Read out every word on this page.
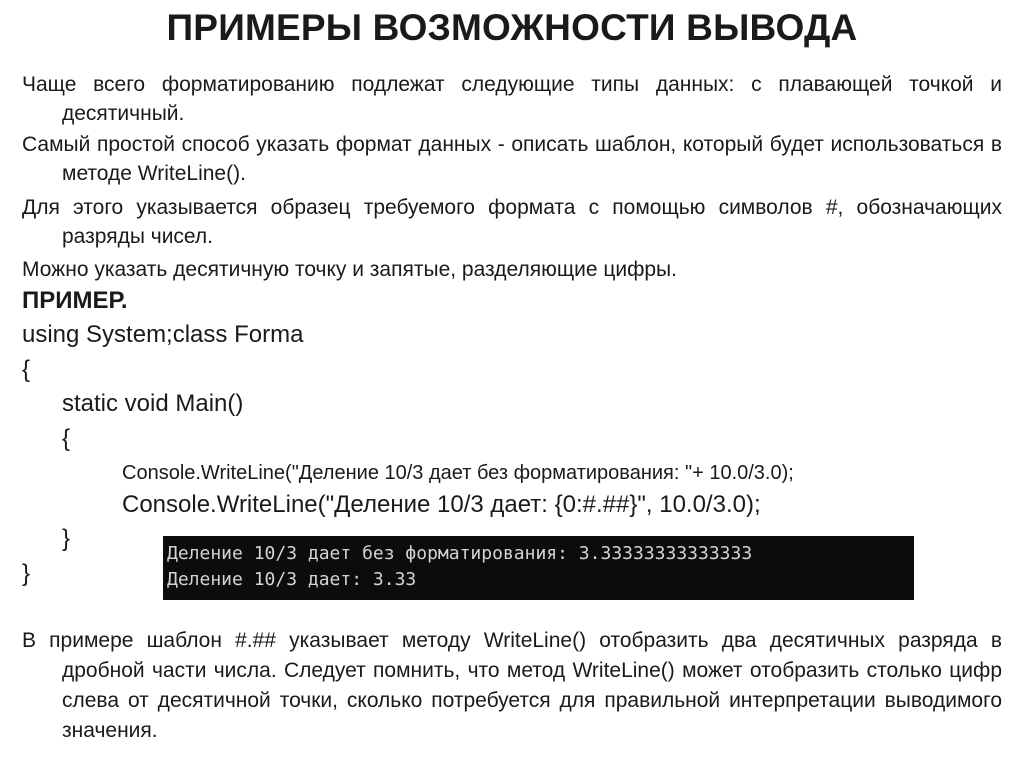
ПРИМЕРЫ ВОЗМОЖНОСТИ ВЫВОДА
Чаще всего форматированию подлежат следующие типы данных: с плавающей точкой и десятичный.
Самый простой способ указать формат данных - описать шаблон, который будет использоваться в методе WriteLine().
Для этого указывается образец требуемого формата с помощью символов #, обозначающих разряды чисел.
Можно указать десятичную точку и запятые, разделяющие цифры.
ПРИМЕР.
using System;class Forma
{
static void Main()
{
Console.WriteLine("Деление 10/3 дает без форматирования: "+ 10.0/3.0);
Console.WriteLine("Деление 10/3 дает: {0:#.##}", 10.0/3.0);
}
}
Деление 10/3 дает без форматирования: 3.33333333333333
Деление 10/3 дает: 3.33
В примере шаблон #.## указывает методу WriteLine() отобразить два десятичных разряда в дробной части числа. Следует помнить, что метод WriteLine() может отобразить столько цифр слева от десятичной точки, сколько потребуется для правильной интерпретации выводимого значения.
